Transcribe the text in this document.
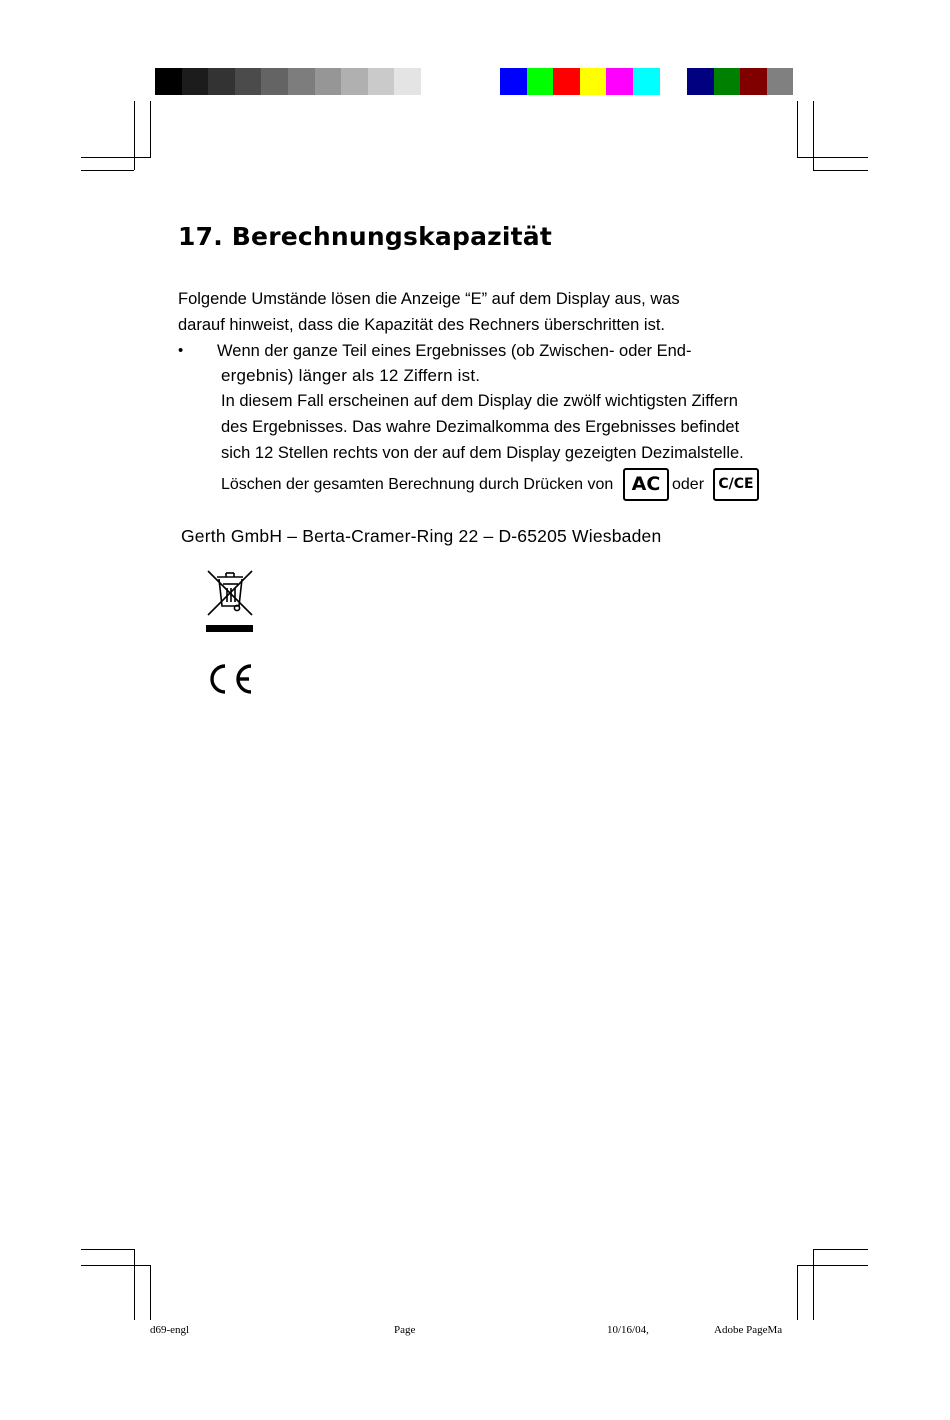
17. Berechnungskapazität
Folgende Umstände lösen die Anzeige “E” auf dem Display aus, was
darauf hinweist, dass die Kapazität des Rechners überschritten ist.
• Wenn der ganze Teil eines Ergebnisses (ob Zwischen- oder End-
ergebnis) länger als 12 Ziffern ist.
In diesem Fall erscheinen auf dem Display die zwölf wichtigsten Ziffern
des Ergebnisses. Das wahre Dezimalkomma des Ergebnisses befindet
sich 12 Stellen rechts von der auf dem Display gezeigten Dezimalstelle.
Löschen der gesamten Berechnung durch Drücken von AC oder	C/CE
Gerth GmbH – Berta-Cramer-Ring 22 – D-65205 Wiesbaden
d69-engl	Page	10/16/04,	Adobe PageMa
